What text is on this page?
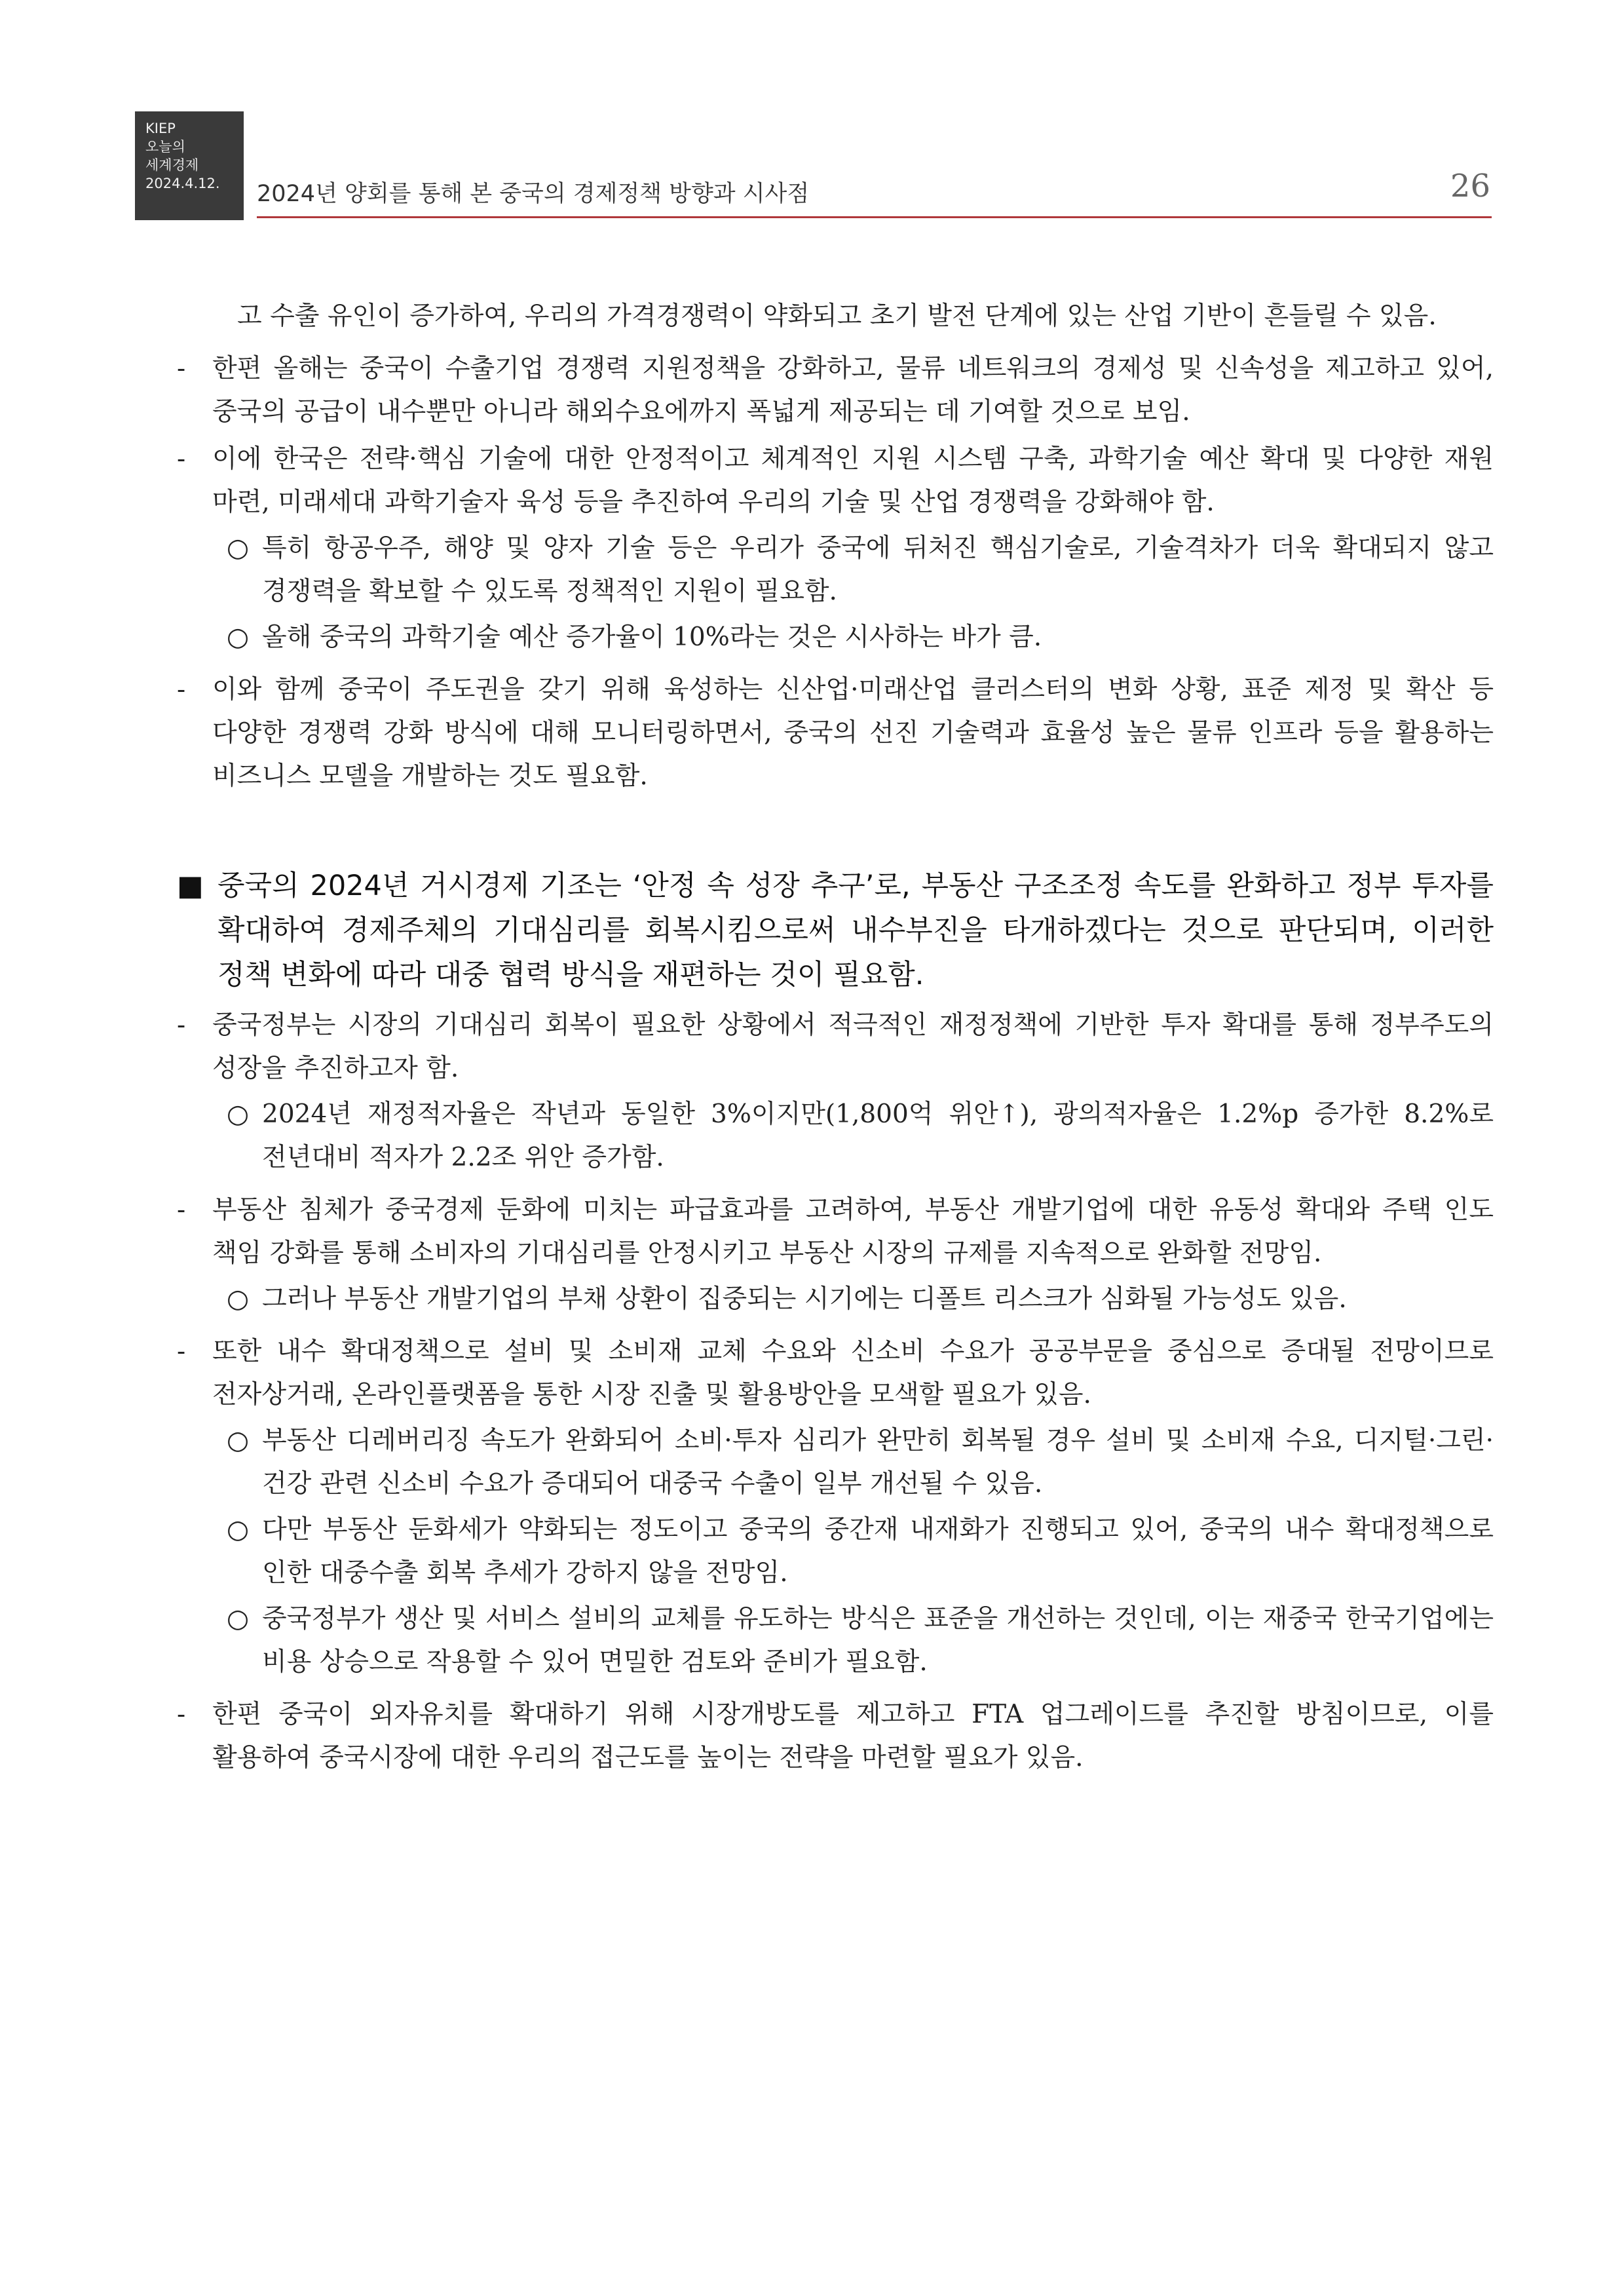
KIEP
오늘의
세계경제
2024.4.12.	2024년 양회를 통해 본 중국의 경제정책 방향과 시사점	26
고 수출 유인이 증가하여, 우리의 가격경쟁력이 약화되고 초기 발전 단계에 있는 산업 기반이 흔들릴 수 있음.
- 한편 올해는 중국이 수출기업 경쟁력 지원정책을 강화하고, 물류 네트워크의 경제성 및 신속성을 제고하고 있어, 중국의 공급이 내수뿐만 아니라 해외수요에까지 폭넓게 제공되는 데 기여할 것으로 보임.
- 이에 한국은 전략·핵심 기술에 대한 안정적이고 체계적인 지원 시스템 구축, 과학기술 예산 확대 및 다양한 재원 마련, 미래세대 과학기술자 육성 등을 추진하여 우리의 기술 및 산업 경쟁력을 강화해야 함.
○ 특히 항공우주, 해양 및 양자 기술 등은 우리가 중국에 뒤처진 핵심기술로, 기술격차가 더욱 확대되지 않고 경쟁력을 확보할 수 있도록 정책적인 지원이 필요함.
○ 올해 중국의 과학기술 예산 증가율이 10%라는 것은 시사하는 바가 큼.
- 이와 함께 중국이 주도권을 갖기 위해 육성하는 신산업·미래산업 클러스터의 변화 상황, 표준 제정 및 확산 등 다양한 경쟁력 강화 방식에 대해 모니터링하면서, 중국의 선진 기술력과 효율성 높은 물류 인프라 등을 활용하는 비즈니스 모델을 개발하는 것도 필요함.
■ 중국의 2024년 거시경제 기조는 ‘안정 속 성장 추구’로, 부동산 구조조정 속도를 완화하고 정부 투자를 확대하여 경제주체의 기대심리를 회복시킴으로써 내수부진을 타개하겠다는 것으로 판단되며, 이러한 정책 변화에 따라 대중 협력 방식을 재편하는 것이 필요함.
- 중국정부는 시장의 기대심리 회복이 필요한 상황에서 적극적인 재정정책에 기반한 투자 확대를 통해 정부주도의 성장을 추진하고자 함.
○ 2024년 재정적자율은 작년과 동일한 3%이지만(1,800억 위안↑), 광의적자율은 1.2%p 증가한 8.2%로 전년대비 적자가 2.2조 위안 증가함.
- 부동산 침체가 중국경제 둔화에 미치는 파급효과를 고려하여, 부동산 개발기업에 대한 유동성 확대와 주택 인도 책임 강화를 통해 소비자의 기대심리를 안정시키고 부동산 시장의 규제를 지속적으로 완화할 전망임.
○ 그러나 부동산 개발기업의 부채 상환이 집중되는 시기에는 디폴트 리스크가 심화될 가능성도 있음.
- 또한 내수 확대정책으로 설비 및 소비재 교체 수요와 신소비 수요가 공공부문을 중심으로 증대될 전망이므로 전자상거래, 온라인플랫폼을 통한 시장 진출 및 활용방안을 모색할 필요가 있음.
○ 부동산 디레버리징 속도가 완화되어 소비·투자 심리가 완만히 회복될 경우 설비 및 소비재 수요, 디지털·그린·건강 관련 신소비 수요가 증대되어 대중국 수출이 일부 개선될 수 있음.
○ 다만 부동산 둔화세가 약화되는 정도이고 중국의 중간재 내재화가 진행되고 있어, 중국의 내수 확대정책으로 인한 대중수출 회복 추세가 강하지 않을 전망임.
○ 중국정부가 생산 및 서비스 설비의 교체를 유도하는 방식은 표준을 개선하는 것인데, 이는 재중국 한국기업에는 비용 상승으로 작용할 수 있어 면밀한 검토와 준비가 필요함.
- 한편 중국이 외자유치를 확대하기 위해 시장개방도를 제고하고 FTA 업그레이드를 추진할 방침이므로, 이를 활용하여 중국시장에 대한 우리의 접근도를 높이는 전략을 마련할 필요가 있음.
